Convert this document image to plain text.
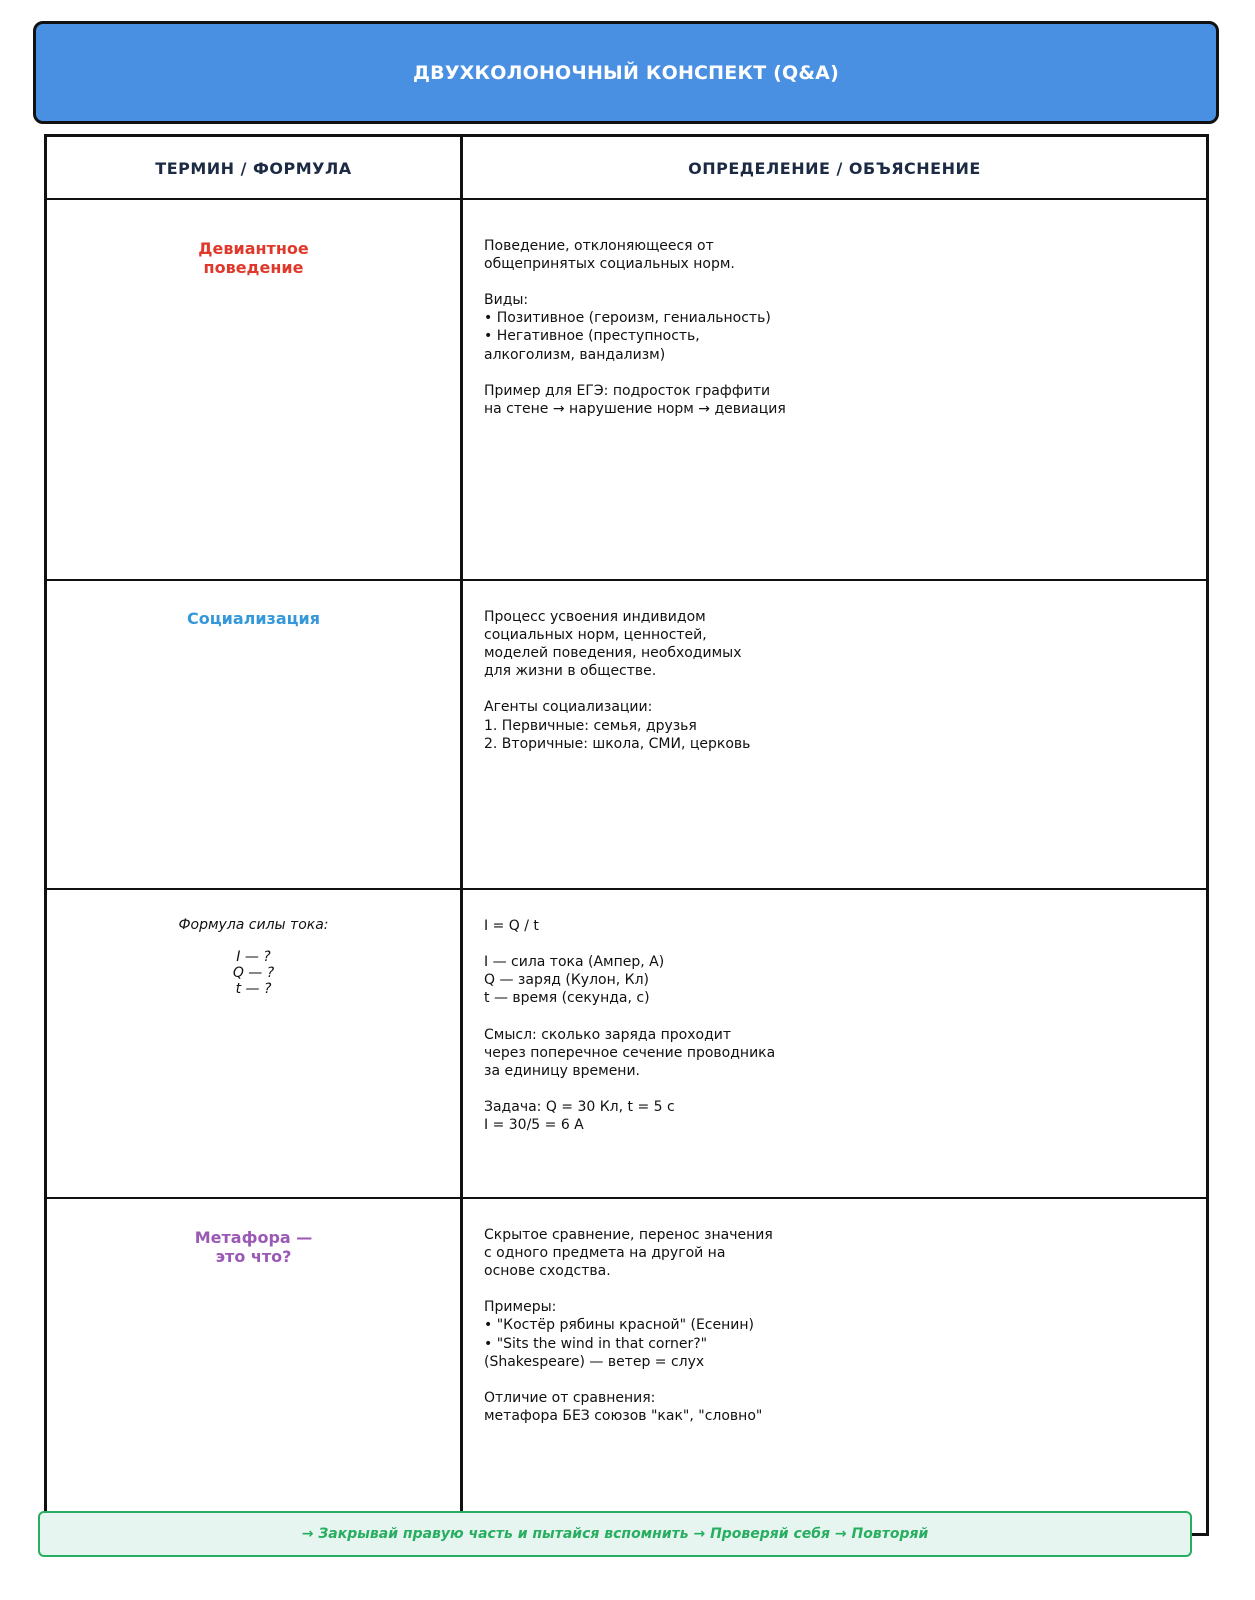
ДВУХКОЛОНОЧНЫЙ КОНСПЕКТ (Q&A)
ТЕРМИН / ФОРМУЛА	ОПРЕДЕЛЕНИЕ / ОБЪЯСНЕНИЕ
Девиантное
поведение
Поведение, отклоняющееся от
общепринятых социальных норм.

Виды:
• Позитивное (героизм, гениальность)
• Негативное (преступность,
алкоголизм, вандализм)

Пример для ЕГЭ: подросток граффити
на стене → нарушение норм → девиация
Социализация	Процесс усвоения индивидом
социальных норм, ценностей,
моделей поведения, необходимых
для жизни в обществе.

Агенты социализации:
1. Первичные: семья, друзья
2. Вторичные: школа, СМИ, церковь
Формула силы тока:
I — ?
Q — ?
t — ?
I = Q / t

I — сила тока (Ампер, А)
Q — заряд (Кулон, Кл)
t — время (секунда, с)

Смысл: сколько заряда проходит
через поперечное сечение проводника
за единицу времени.

Задача: Q = 30 Кл, t = 5 с
I = 30/5 = 6 А
Метафора —
это что?
Скрытое сравнение, перенос значения
с одного предмета на другой на
основе сходства.

Примеры:
• "Костёр рябины красной" (Есенин)
• "Sits the wind in that corner?"
(Shakespeare) — ветер = слух

Отличие от сравнения:
метафора БЕЗ союзов "как", "словно"
→ Закрывай правую часть и пытайся вспомнить → Проверяй себя → Повторяй
